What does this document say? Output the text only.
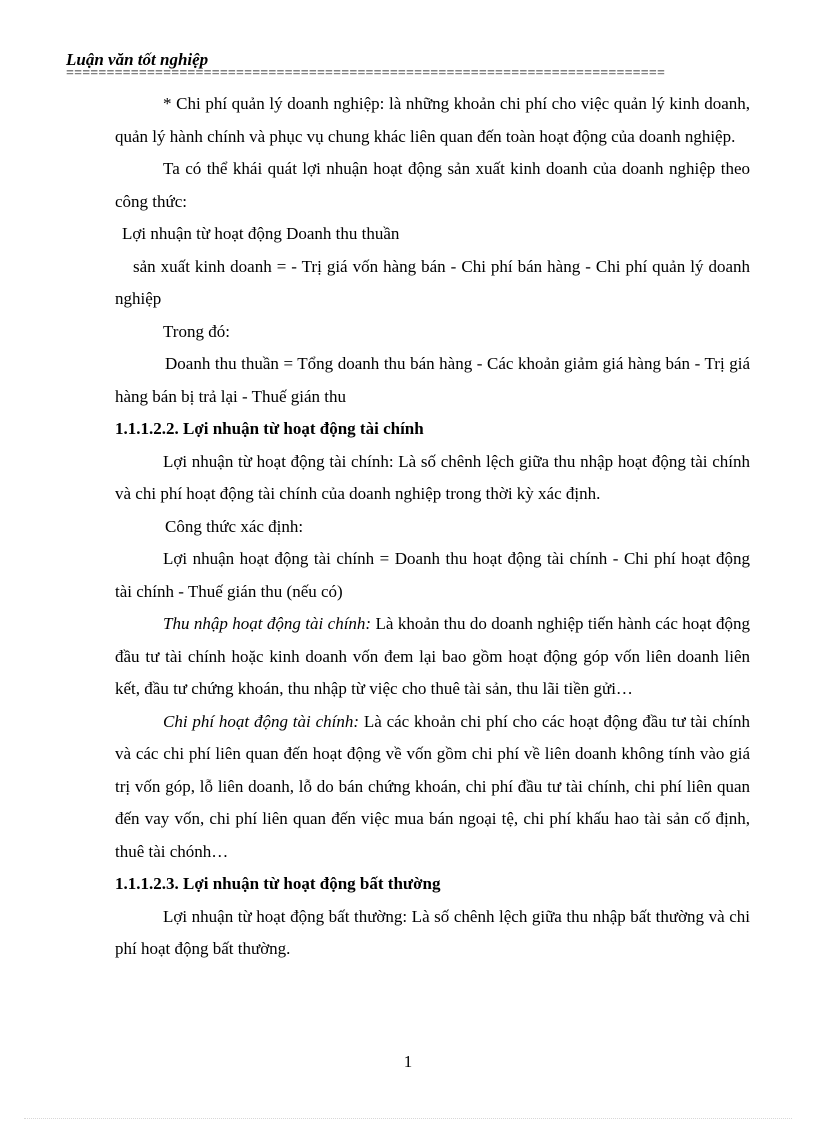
Luận văn tốt nghiệp
==========================================================================

* Chi phí quản lý doanh nghiệp: là những khoản chi phí cho việc quản lý kinh doanh, quản lý hành chính và phục vụ chung khác liên quan đến toàn hoạt động của doanh nghiệp.

Ta có thể khái quát lợi nhuận hoạt động sản xuất kinh doanh của doanh nghiệp theo công thức:

Lợi nhuận từ hoạt động Doanh thu thuần

sản xuất kinh doanh = - Trị giá vốn hàng bán - Chi phí bán hàng - Chi phí quản lý doanh nghiệp

Trong đó:

Doanh thu thuần = Tổng doanh thu bán hàng - Các khoản giảm giá hàng bán - Trị giá hàng bán bị trả lại - Thuế gián thu

1.1.1.2.2. Lợi nhuận từ hoạt động tài chính

Lợi nhuận từ hoạt động tài chính: Là số chênh lệch giữa thu nhập hoạt động tài chính và chi phí hoạt động tài chính của doanh nghiệp trong thời kỳ xác định.

Công thức xác định:

Lợi nhuận hoạt động tài chính = Doanh thu hoạt động tài chính - Chi phí hoạt động tài chính - Thuế gián thu (nếu có)

Thu nhập hoạt động tài chính: Là khoản thu do doanh nghiệp tiến hành các hoạt động đầu tư tài chính hoặc kinh doanh vốn đem lại bao gồm hoạt động góp vốn liên doanh liên kết, đầu tư chứng khoán, thu nhập từ việc cho thuê tài sản, thu lãi tiền gửi…

Chi phí hoạt động tài chính: Là các khoản chi phí cho các hoạt động đầu tư tài chính và các chi phí liên quan đến hoạt động về vốn gồm chi phí về liên doanh không tính vào giá trị vốn góp, lỗ liên doanh, lỗ do bán chứng khoán, chi phí đầu tư tài chính, chi phí liên quan đến vay vốn, chi phí liên quan đến việc mua bán ngoại tệ, chi phí khấu hao tài sản cố định, thuê tài chónh…

1.1.1.2.3. Lợi nhuận từ hoạt động bất thường

Lợi nhuận từ hoạt động bất thường: Là số chênh lệch giữa thu nhập bất thường và chi phí hoạt động bất thường.

1
